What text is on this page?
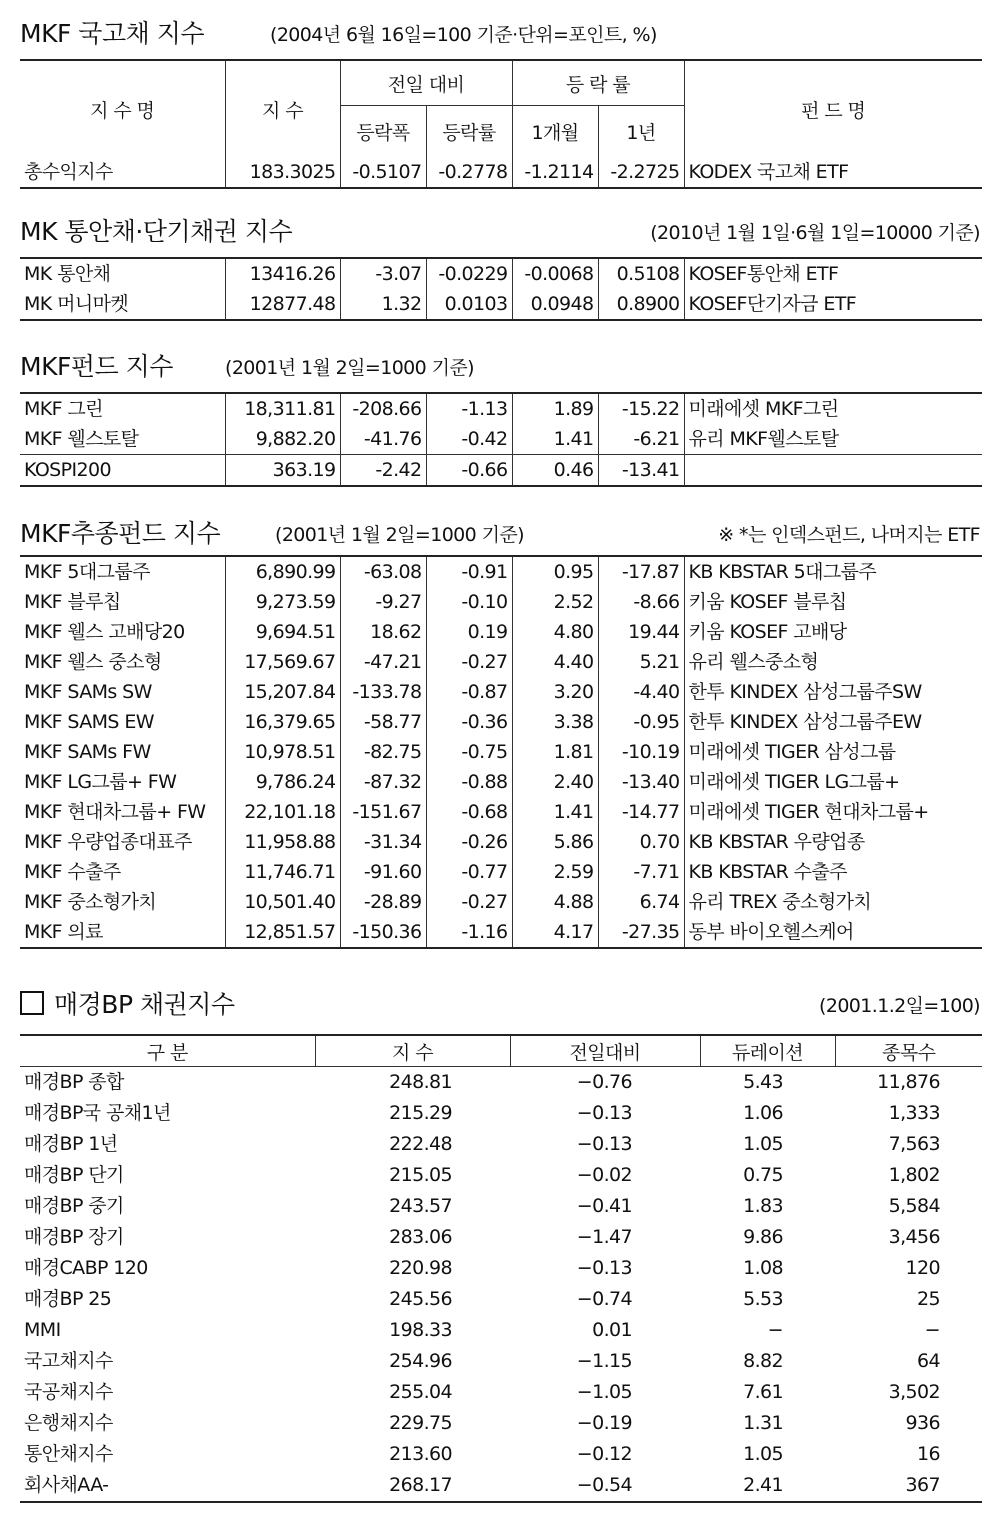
MKF 국고채 지수	(2004년 6월 16일=100 기준·단위=포인트, %)
지 수 명	지 수	전일 대비		등 락 률		펀 드 명
		등락폭	등락률	1개월	1년	
총수익지수	183.3025	-0.5107	-0.2778	-1.2114	-2.2725	KODEX 국고채 ETF
MK 통안채·단기채권 지수	(2010년 1월 1일·6월 1일=10000 기준)
MK 통안채	13416.26	-3.07	-0.0229	-0.0068	0.5108	KOSEF통안채 ETF
MK 머니마켓	12877.48	1.32	0.0103	0.0948	0.8900	KOSEF단기자금 ETF
MKF펀드 지수	(2001년 1월 2일=1000 기준)
MKF 그린	18,311.81	-208.66	-1.13	1.89	-15.22	미래에셋 MKF그린
MKF 웰스토탈	9,882.20	-41.76	-0.42	1.41	-6.21	유리 MKF웰스토탈
KOSPI200	363.19	-2.42	-0.66	0.46	-13.41	
MKF추종펀드 지수	(2001년 1월 2일=1000 기준)	※ *는 인덱스펀드, 나머지는 ETF
MKF 5대그룹주	6,890.99	-63.08	-0.91	0.95	-17.87	KB KBSTAR 5대그룹주
MKF 블루칩	9,273.59	-9.27	-0.10	2.52	-8.66	키움 KOSEF 블루칩
MKF 웰스 고배당20	9,694.51	18.62	0.19	4.80	19.44	키움 KOSEF 고배당
MKF 웰스 중소형	17,569.67	-47.21	-0.27	4.40	5.21	유리 웰스중소형
MKF SAMs SW	15,207.84	-133.78	-0.87	3.20	-4.40	한투 KINDEX 삼성그룹주SW
MKF SAMS EW	16,379.65	-58.77	-0.36	3.38	-0.95	한투 KINDEX 삼성그룹주EW
MKF SAMs FW	10,978.51	-82.75	-0.75	1.81	-10.19	미래에셋 TIGER 삼성그룹
MKF LG그룹+ FW	9,786.24	-87.32	-0.88	2.40	-13.40	미래에셋 TIGER LG그룹+
MKF 현대차그룹+ FW	22,101.18	-151.67	-0.68	1.41	-14.77	미래에셋 TIGER 현대차그룹+
MKF 우량업종대표주	11,958.88	-31.34	-0.26	5.86	0.70	KB KBSTAR 우량업종
MKF 수출주	11,746.71	-91.60	-0.77	2.59	-7.71	KB KBSTAR 수출주
MKF 중소형가치	10,501.40	-28.89	-0.27	4.88	6.74	유리 TREX 중소형가치
MKF 의료	12,851.57	-150.36	-1.16	4.17	-27.35	동부 바이오헬스케어
매경BP 채권지수	(2001.1.2일=100)
구 분	지 수	전일대비	듀레이션	종목수
매경BP 종합	248.81	−0.76	5.43	11,876
매경BP국 공채1년	215.29	−0.13	1.06	1,333
매경BP 1년	222.48	−0.13	1.05	7,563
매경BP 단기	215.05	−0.02	0.75	1,802
매경BP 중기	243.57	−0.41	1.83	5,584
매경BP 장기	283.06	−1.47	9.86	3,456
매경CABP 120	220.98	−0.13	1.08	120
매경BP 25	245.56	−0.74	5.53	25
MMI	198.33	0.01	−	−
국고채지수	254.96	−1.15	8.82	64
국공채지수	255.04	−1.05	7.61	3,502
은행채지수	229.75	−0.19	1.31	936
통안채지수	213.60	−0.12	1.05	16
회사채AA-	268.17	−0.54	2.41	367
